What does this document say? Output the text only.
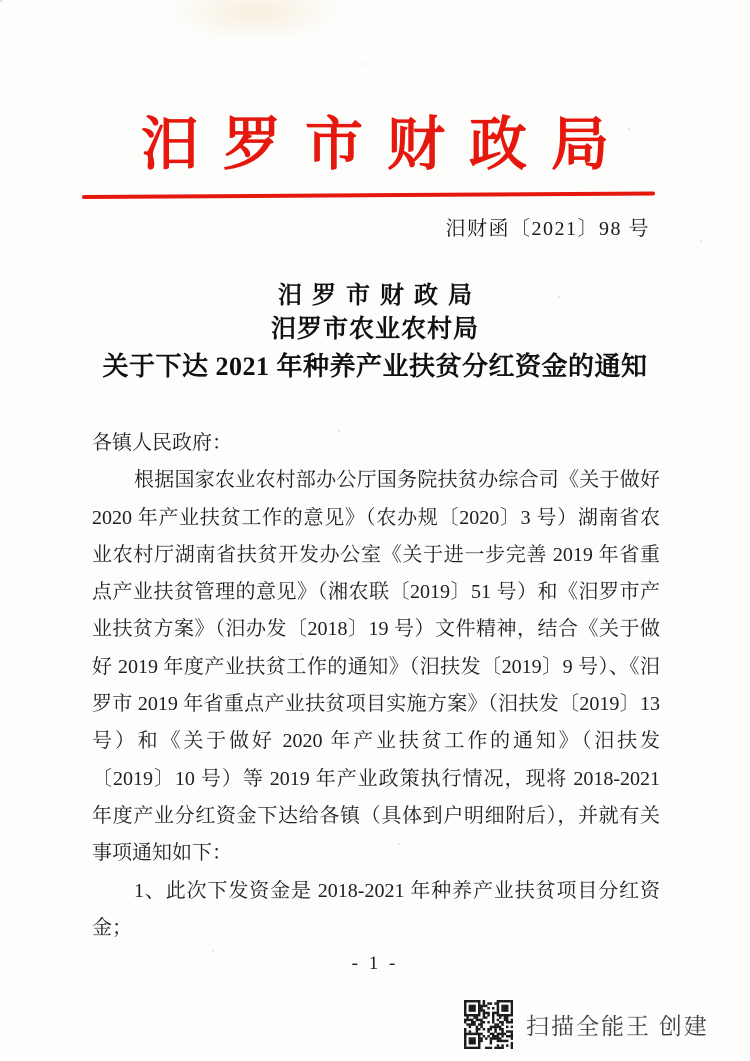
汨罗市财政局
汨财函〔2021〕98 号
汨罗市财政局
汨罗市农业农村局
关于下达 2021 年种养产业扶贫分红资金的通知
各镇人民政府：
根据国家农业农村部办公厅国务院扶贫办综合司《关于做好
2020 年产业扶贫工作的意见》（农办规〔2020〕3 号）湖南省农
业农村厅湖南省扶贫开发办公室《关于进一步完善 2019 年省重
点产业扶贫管理的意见》（湘农联〔2019〕51 号）和《汨罗市产
业扶贫方案》（汨办发〔2018〕19 号）文件精神，结合《关于做
好 2019 年度产业扶贫工作的通知》（汨扶发〔2019〕9 号）、《汨
罗市 2019 年省重点产业扶贫项目实施方案》（汨扶发〔2019〕13
号）和《关于做好 2020 年产业扶贫工作的通知》（汨扶发
〔2019〕10 号）等 2019 年产业政策执行情况，现将 2018-2021
年度产业分红资金下达给各镇（具体到户明细附后），并就有关
事项通知如下：
1、此次下发资金是 2018-2021 年种养产业扶贫项目分红资
金；
- 1 -
扫描全能王 创建
